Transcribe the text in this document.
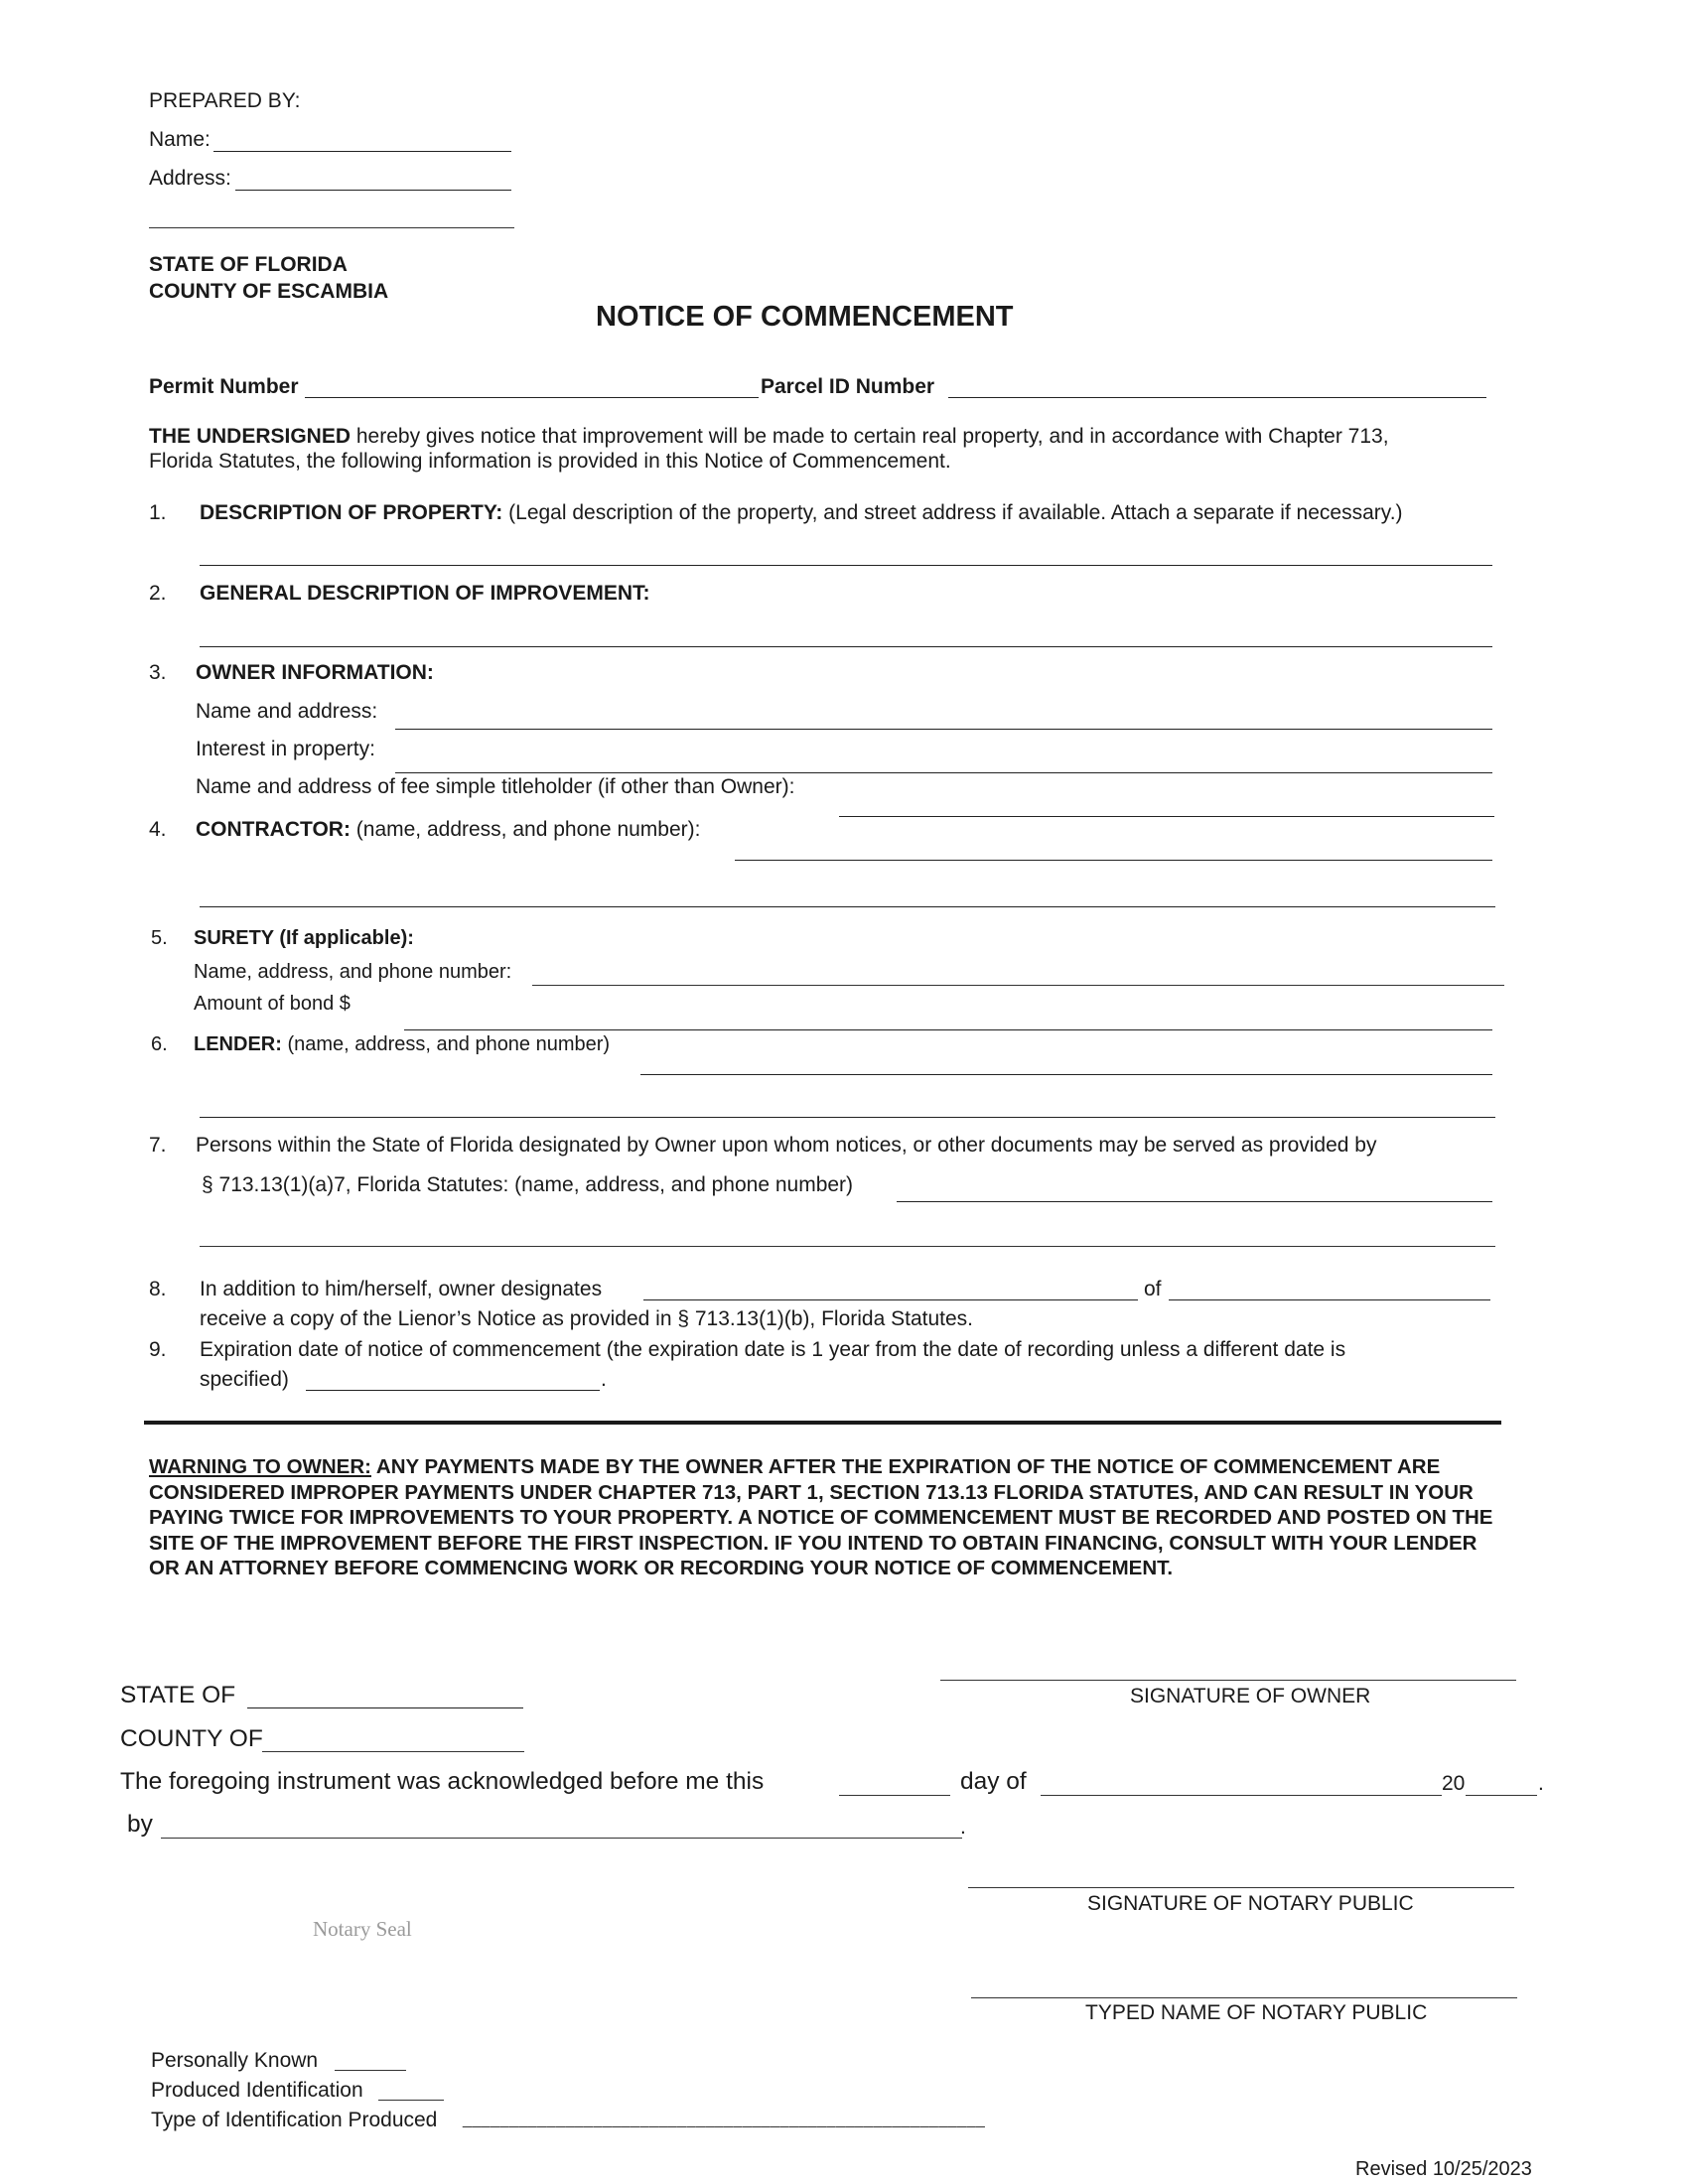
PREPARED BY:
Name:
Address:
STATE OF FLORIDA
COUNTY OF ESCAMBIA
NOTICE OF COMMENCEMENT
Permit Number	Parcel ID Number
THE UNDERSIGNED hereby gives notice that improvement will be made to certain real property, and in accordance with Chapter 713,
Florida Statutes, the following information is provided in this Notice of Commencement.
1. DESCRIPTION OF PROPERTY: (Legal description of the property, and street address if available. Attach a separate if necessary.)
2. GENERAL DESCRIPTION OF IMPROVEMENT:
3. OWNER INFORMATION:
Name and address:
Interest in property:
Name and address of fee simple titleholder (if other than Owner):
4. CONTRACTOR: (name, address, and phone number):
5. SURETY (If applicable):
Name, address, and phone number:
Amount of bond $
6. LENDER: (name, address, and phone number)
7. Persons within the State of Florida designated by Owner upon whom notices, or other documents may be served as provided by
§ 713.13(1)(a)7, Florida Statutes: (name, address, and phone number)
8. In addition to him/herself, owner designates	of
receive a copy of the Lienor’s Notice as provided in § 713.13(1)(b), Florida Statutes.
9. Expiration date of notice of commencement (the expiration date is 1 year from the date of recording unless a different date is
specified)	.
WARNING TO OWNER: ANY PAYMENTS MADE BY THE OWNER AFTER THE EXPIRATION OF THE NOTICE OF COMMENCEMENT ARE CONSIDERED IMPROPER PAYMENTS UNDER CHAPTER 713, PART 1, SECTION 713.13 FLORIDA STATUTES, AND CAN RESULT IN YOUR PAYING TWICE FOR IMPROVEMENTS TO YOUR PROPERTY. A NOTICE OF COMMENCEMENT MUST BE RECORDED AND POSTED ON THE SITE OF THE IMPROVEMENT BEFORE THE FIRST INSPECTION. IF YOU INTEND TO OBTAIN FINANCING, CONSULT WITH YOUR LENDER OR AN ATTORNEY BEFORE COMMENCING WORK OR RECORDING YOUR NOTICE OF COMMENCEMENT.
SIGNATURE OF OWNER
STATE OF
COUNTY OF
The foregoing instrument was acknowledged before me this	day of	20	.
by	.
SIGNATURE OF NOTARY PUBLIC
Notary Seal
TYPED NAME OF NOTARY PUBLIC
Personally Known
Produced Identification
Type of Identification Produced ________________________________________________________
Revised 10/25/2023
